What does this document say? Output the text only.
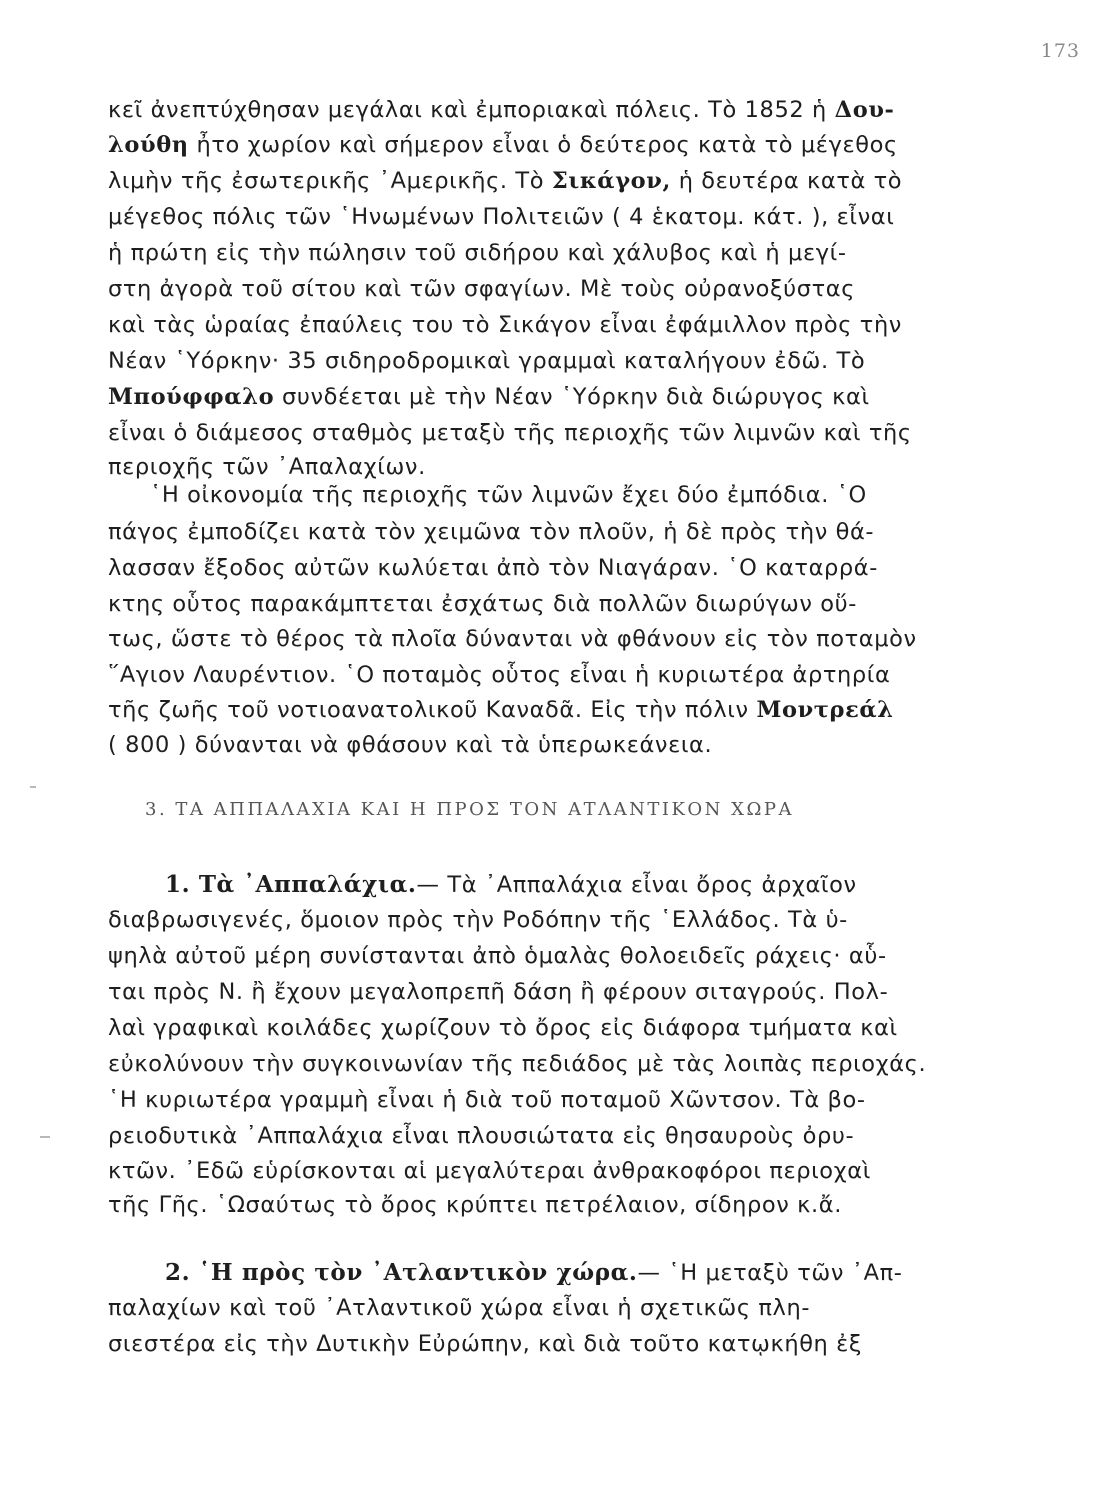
173
κεῖ ἀνεπτύχθησαν μεγάλαι καὶ ἐμποριακαὶ πόλεις. Τὸ 1852 ἡ Δου-
λούθη ἦτο χωρίον καὶ σήμερον εἶναι ὁ δεύτερος κατὰ τὸ μέγεθος
λιμὴν τῆς ἐσωτερικῆς ᾿Αμερικῆς. Τὸ Σικάγον, ἡ δευτέρα κατὰ τὸ
μέγεθος πόλις τῶν ῾Ηνωμένων Πολιτειῶν ( 4 ἑκατομ. κάτ. ), εἶναι
ἡ πρώτη εἰς τὴν πώλησιν τοῦ σιδήρου καὶ χάλυβος καὶ ἡ μεγί-
στη ἀγορὰ τοῦ σίτου καὶ τῶν σφαγίων. Μὲ τοὺς οὐρανοξύστας
καὶ τὰς ὡραίας ἐπαύλεις του τὸ Σικάγον εἶναι ἐφάμιλλον πρὸς τὴν
Νέαν ῾Υόρκην· 35 σιδηροδρομικαὶ γραμμαὶ καταλήγουν ἐδῶ. Τὸ
Μπούφφαλο συνδέεται μὲ τὴν Νέαν ῾Υόρκην διὰ διώρυγος καὶ
εἶναι ὁ διάμεσος σταθμὸς μεταξὺ τῆς περιοχῆς τῶν λιμνῶν καὶ τῆς
περιοχῆς τῶν ᾿Απαλαχίων.
῾Η οἰκονομία τῆς περιοχῆς τῶν λιμνῶν ἔχει δύο ἐμπόδια. ῾Ο
πάγος ἐμποδίζει κατὰ τὸν χειμῶνα τὸν πλοῦν, ἡ δὲ πρὸς τὴν θά-
λασσαν ἔξοδος αὐτῶν κωλύεται ἀπὸ τὸν Νιαγάραν. ῾Ο καταρρά-
κτης οὗτος παρακάμπτεται ἐσχάτως διὰ πολλῶν διωρύγων οὕ-
τως, ὥστε τὸ θέρος τὰ πλοῖα δύνανται νὰ φθάνουν εἰς τὸν ποταμὸν
῞Αγιον Λαυρέντιον. ῾Ο ποταμὸς οὗτος εἶναι ἡ κυριωτέρα ἀρτηρία
τῆς ζωῆς τοῦ νοτιοανατολικοῦ Καναδᾶ. Εἰς τὴν πόλιν Μοντρεάλ
( 800 ) δύνανται νὰ φθάσουν καὶ τὰ ὑπερωκεάνεια.
3. ΤΑ ΑΠΠΑΛΑΧΙΑ ΚΑΙ Η ΠΡΟΣ ΤΟΝ ΑΤΛΑΝΤΙΚΟΝ ΧΩΡΑ
1. Τὰ ᾿Αππαλάχια.— Τὰ ᾿Αππαλάχια εἶναι ὄρος ἀρχαῖον
διαβρωσιγενές, ὅμοιον πρὸς τὴν Ροδόπην τῆς ῾Ελλάδος. Τὰ ὑ-
ψηλὰ αὐτοῦ μέρη συνίστανται ἀπὸ ὁμαλὰς θολοειδεῖς ράχεις· αὗ-
ται πρὸς Ν. ἢ ἔχουν μεγαλοπρεπῆ δάση ἢ φέρουν σιταγρούς. Πολ-
λαὶ γραφικαὶ κοιλάδες χωρίζουν τὸ ὄρος εἰς διάφορα τμήματα καὶ
εὐκολύνουν τὴν συγκοινωνίαν τῆς πεδιάδος μὲ τὰς λοιπὰς περιοχάς.
῾Η κυριωτέρα γραμμὴ εἶναι ἡ διὰ τοῦ ποταμοῦ Χῶντσον. Τὰ βο-
ρειοδυτικὰ ᾿Αππαλάχια εἶναι πλουσιώτατα εἰς θησαυροὺς ὀρυ-
κτῶν. ᾿Εδῶ εὑρίσκονται αἱ μεγαλύτεραι ἀνθρακοφόροι περιοχαὶ
τῆς Γῆς. ῾Ωσαύτως τὸ ὄρος κρύπτει πετρέλαιον, σίδηρον κ.ἄ.
2. ῾Η πρὸς τὸν ᾿Ατλαντικὸν χώρα.— ῾Η μεταξὺ τῶν ᾿Απ-
παλαχίων καὶ τοῦ ᾿Ατλαντικοῦ χώρα εἶναι ἡ σχετικῶς πλη-
σιεστέρα εἰς τὴν Δυτικὴν Εὐρώπην, καὶ διὰ τοῦτο κατῳκήθη ἐξ
